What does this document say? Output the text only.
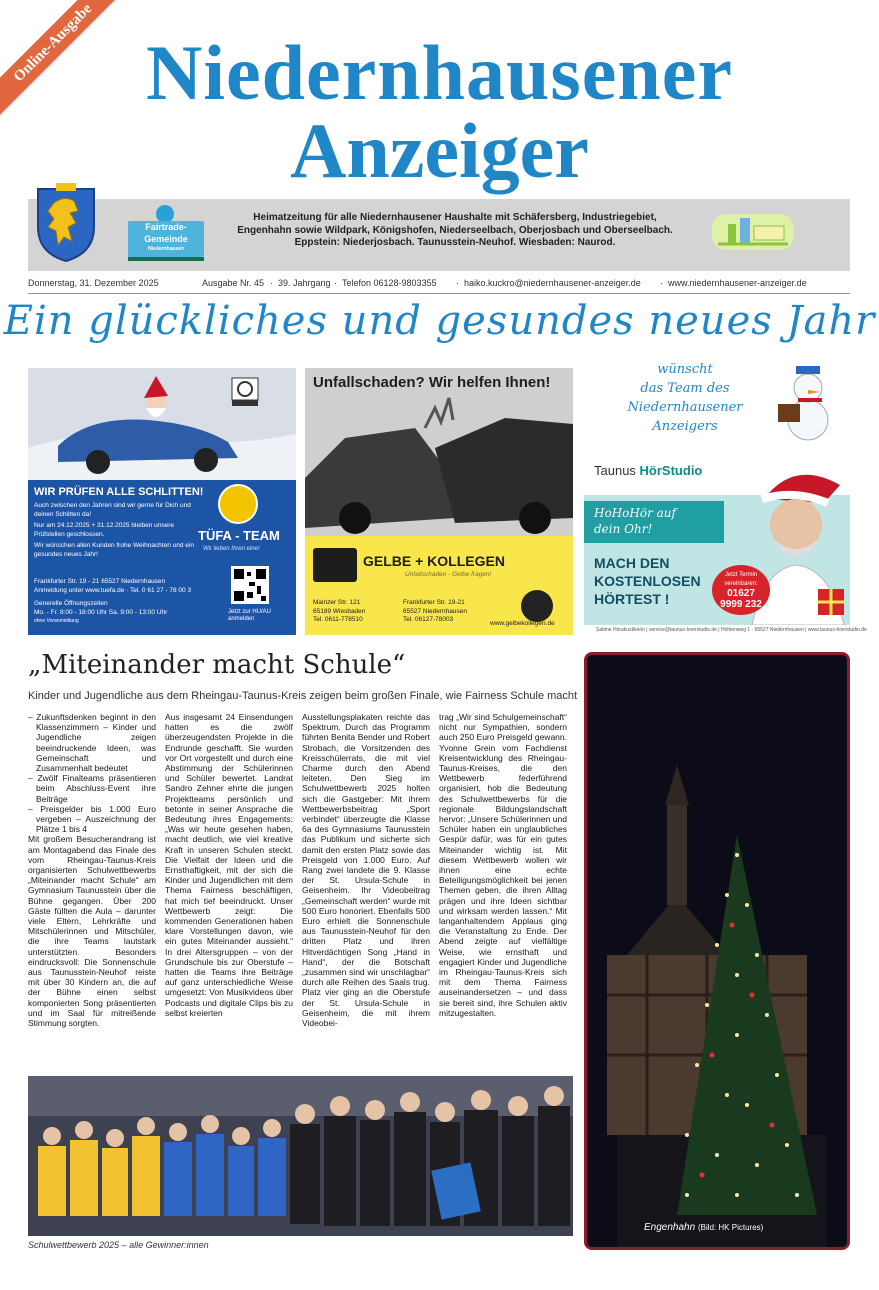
Online-Ausgabe Niedernhausener
Anzeiger
Fairtrade-
Gemeinde
Niedernhausen
Heimatzeitung für alle Niedernhausener Haushalte mit Schäfersberg, Industriegebiet, Engenhahn sowie Wildpark, Königshofen, Niederseelbach, Oberjosbach und Oberseelbach. Eppstein: Niederjosbach. Taunusstein-Neuhof. Wiesbaden: Naurod.
Donnerstag, 31. Dezember 2025	Ausgabe Nr. 45 · 39. Jahrgang · Telefon 06128-9803355 · haiko.kuckro@niedernhausener-anzeiger.de · www.niedernhausener-anzeiger.de
Ein glückliches und gesundes neues Jahr
WIR PRÜFEN ALLE SCHLITTEN!
Auch zwischen den Jahren sind wir gerne für Dich und deinen Schlitten da!
Nur am 24.12.2025 + 31.12.2025 bleiben unsere Prüfstellen geschlossen.
Wir wünschen allen Kunden frohe Weihnachten und ein gesundes neues Jahr!
Frankfurter Str. 19 - 21 65527 Niedernhausen
Anmeldung unter www.tuefa.de · Tel. 0 61 27 - 78 00 3
Generelle Öffnungszeiten
Mo. - Fr. 8:00 - 18:00 Uhr Sa. 9:00 - 13:00 Uhr
ohne Voranmeldung
TÜFA - TEAM
Wir lieben Ihren eine!
Jetzt zur HU/AU
anmelden
Unfallschaden? Wir helfen Ihnen!
GELBE + KOLLEGEN
Unfallschaden - Gelbe fragen!
Mainzer Str. 121
65189 Wiesbaden
Tel. 0611-778510
Frankfurter Str. 19-21
65527 Niedernhausen
Tel. 06127-78003
www.gelbekollegen.de
wünscht
das Team des
Niedernhausener
Anzeigers
Taunus HörStudio
HoHoHör auf
dein Ohr!
MACH DEN
KOSTENLOSEN
HÖRTEST !
Jetzt Termin vereinbaren:
01627
9999 232
Sabine Hörakustikerin | service@taunus-hoerstudio.de | Höhlenweg 1 · 65527 Niedernhausen | www.taunus-hoerstudio.de
„Miteinander macht Schule“
Kinder und Jugendliche aus dem Rheingau-Taunus-Kreis zeigen beim großen Finale, wie Fairness Schule macht
– Zukunftsdenken beginnt in den Klassenzimmern – Kinder und Jugendliche zeigen beeindruckende Ideen, was Gemeinschaft und Zusammenhalt bedeutet
– Zwölf Finalteams präsentieren beim Abschluss-Event ihre Beiträge
– Preisgelder bis 1.000 Euro vergeben – Auszeichnung der Plätze 1 bis 4

Mit großem Besucherandrang ist am Montagabend das Finale des vom Rheingau-Taunus-Kreis organisierten Schulwettbewerbs „Miteinander macht Schule“ am Gymnasium Taunusstein über die Bühne gegangen. Über 200 Gäste füllten die Aula – darunter viele Eltern, Lehrkräfte und Mitschülerinnen und Mitschüler, die ihre Teams lautstark unterstützten. Besonders eindrucksvoll: Die Sonnenschule aus Taunusstein-Neuhof reiste mit über 30 Kindern an, die auf der Bühne einen selbst komponierten Song präsentierten und im Saal für mitreißende Stimmung sorgten.

Aus insgesamt 24 Einsendungen hatten es die zwölf überzeugendsten Projekte in die Endrunde geschafft. Sie wurden vor Ort vorgestellt und durch eine Abstimmung der Schülerinnen und Schüler bewertet. Landrat Sandro Zehner ehrte die jungen Projektteams persönlich und betonte in seiner Ansprache die Bedeutung ihres Engagements: „Was wir heute gesehen haben, macht deutlich, wie viel kreative Kraft in unseren Schulen steckt. Die Vielfalt der Ideen und die Ernsthaftigkeit, mit der sich die Kinder und Jugendlichen mit dem Thema Fairness beschäftigen, hat mich tief beeindruckt. Unser Wettbewerb zeigt: Die kommenden Generationen haben klare Vorstellungen davon, wie ein gutes Miteinander aussieht.“ In drei Altersgruppen – von der Grundschule bis zur Oberstufe – hatten die Teams ihre Beiträge auf ganz unterschiedliche Weise umgesetzt: Von Musikvideos über Podcasts und digitale Clips bis zu selbst kreierten

Ausstellungsplakaten reichte das Spektrum. Durch das Programm führten Benita Bender und Robert Strobach, die Vorsitzenden des Kreisschülerrats, die mit viel Charme durch den Abend leiteten. Den Sieg im Schulwettbewerb 2025 holten sich die Gastgeber: Mit ihrem Wettbewerbsbeitrag „Sport verbindet“ überzeugte die Klasse 6a des Gymnasiums Taunusstein das Publikum und sicherte sich damit den ersten Platz sowie das Preisgeld von 1.000 Euro. Auf Rang zwei landete die 9. Klasse der St. Ursula-Schule in Geisenheim. Ihr Videobeitrag „Gemeinschaft werden“ wurde mit 500 Euro honoriert. Ebenfalls 500 Euro erhielt die Sonnenschule aus Taunusstein-Neuhof für den dritten Platz und ihren Hitverdächtigen Song „Hand in Hand“, der die Botschaft „zusammen sind wir unschlagbar“ durch alle Reihen des Saals trug. Platz vier ging an die Oberstufe der St. Ursula-Schule in Geisenheim, die mit ihrem Videobei-

trag „Wir sind Schulgemeinschaft“ nicht nur Sympathien, sondern auch 250 Euro Preisgeld gewann. Yvonne Grein vom Fachdienst Kreisentwicklung des Rheingau-Taunus-Kreises, die den Wettbewerb federführend organisiert, hob die Bedeutung des Schulwettbewerbs für die regionale Bildungslandschaft hervor: „Unsere Schülerinnen und Schüler haben ein unglaubliches Gespür dafür, was für ein gutes Miteinander wichtig ist. Mit diesem Wettbewerb wollen wir ihnen eine echte Beteiligungsmöglichkeit bei jenen Themen geben, die ihren Alltag prägen und ihre Ideen sichtbar und wirksam werden lassen.“ Mit langanhaltendem Applaus ging die Veranstaltung zu Ende. Der Abend zeigte auf vielfältige Weise, wie ernsthaft und engagiert Kinder und Jugendliche im Rheingau-Taunus-Kreis sich mit dem Thema Fairness auseinandersetzen – und dass sie bereit sind, ihre Schulen aktiv mitzugestalten.

Schulwettbewerb 2025 – alle Gewinner:innen
Engenhahn (Bild: HK Pictures)
